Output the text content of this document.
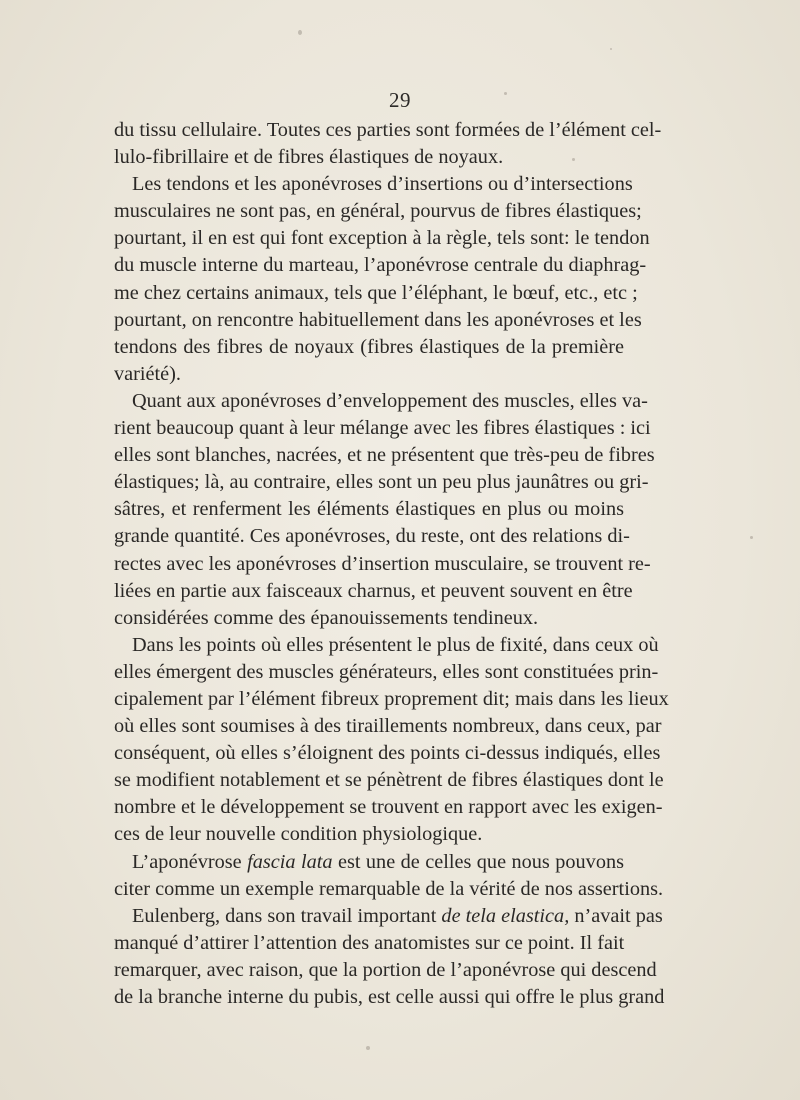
29
du tissu cellulaire. Toutes ces parties sont formées de l’élément cel-
lulo-fibrillaire et de fibres élastiques de noyaux.
Les tendons et les aponévroses d’insertions ou d’intersections
musculaires ne sont pas, en général, pourvus de fibres élastiques;
pourtant, il en est qui font exception à la règle, tels sont: le tendon
du muscle interne du marteau, l’aponévrose centrale du diaphrag-
me chez certains animaux, tels que l’éléphant, le bœuf, etc., etc ;
pourtant, on rencontre habituellement dans les aponévroses et les
tendons des fibres de noyaux (fibres élastiques de la première
variété).
Quant aux aponévroses d’enveloppement des muscles, elles va-
rient beaucoup quant à leur mélange avec les fibres élastiques : ici
elles sont blanches, nacrées, et ne présentent que très-peu de fibres
élastiques; là, au contraire, elles sont un peu plus jaunâtres ou gri-
sâtres, et renferment les éléments élastiques en plus ou moins
grande quantité. Ces aponévroses, du reste, ont des relations di-
rectes avec les aponévroses d’insertion musculaire, se trouvent re-
liées en partie aux faisceaux charnus, et peuvent souvent en être
considérées comme des épanouissements tendineux.
Dans les points où elles présentent le plus de fixité, dans ceux où
elles émergent des muscles générateurs, elles sont constituées prin-
cipalement par l’élément fibreux proprement dit; mais dans les lieux
où elles sont soumises à des tiraillements nombreux, dans ceux, par
conséquent, où elles s’éloignent des points ci-dessus indiqués, elles
se modifient notablement et se pénètrent de fibres élastiques dont le
nombre et le développement se trouvent en rapport avec les exigen-
ces de leur nouvelle condition physiologique.
L’aponévrose fascia lata est une de celles que nous pouvons
citer comme un exemple remarquable de la vérité de nos assertions.
Eulenberg, dans son travail important de tela elastica, n’avait pas
manqué d’attirer l’attention des anatomistes sur ce point. Il fait
remarquer, avec raison, que la portion de l’aponévrose qui descend
de la branche interne du pubis, est celle aussi qui offre le plus grand
